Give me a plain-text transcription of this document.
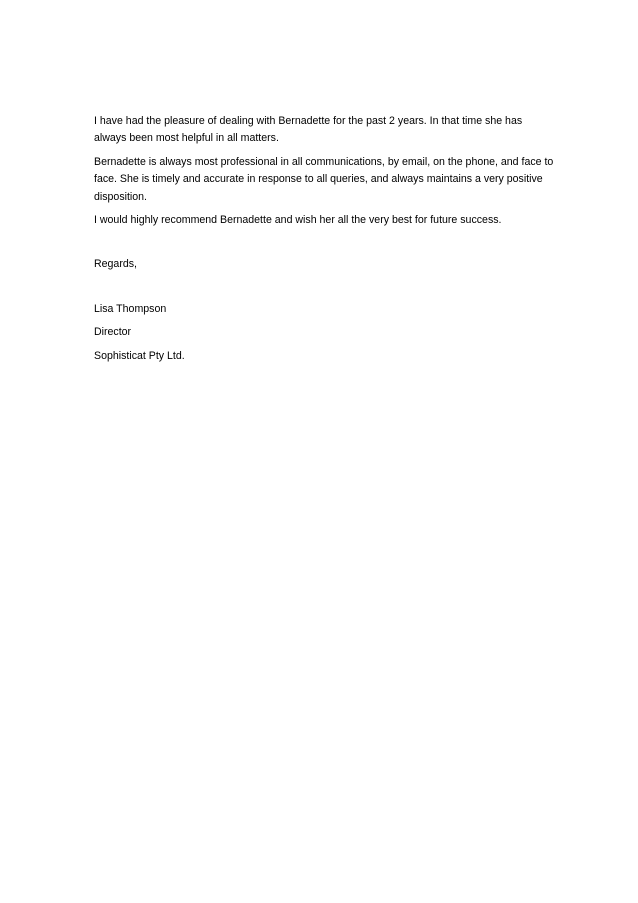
I have had the pleasure of dealing with Bernadette for the past 2 years. In that time she has always been most helpful in all matters.

Bernadette is always most professional in all communications, by email, on the phone, and face to face. She is timely and accurate in response to all queries, and always maintains a very positive disposition.

I would highly recommend Bernadette and wish her all the very best for future success.

Regards,

Lisa Thompson

Director

Sophisticat Pty Ltd.
